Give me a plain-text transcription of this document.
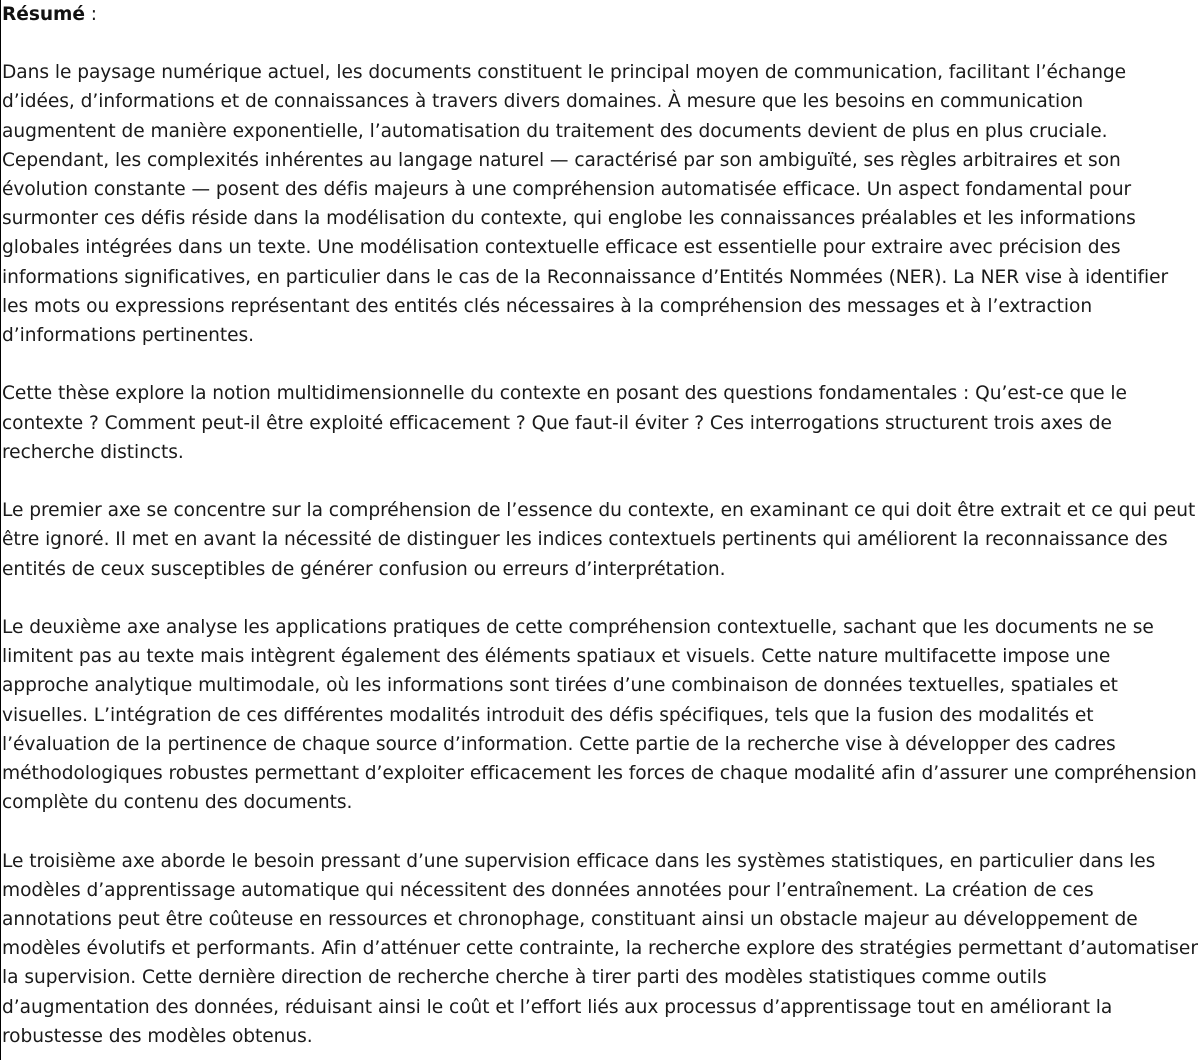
Résumé :

Dans le paysage numérique actuel, les documents constituent le principal moyen de communication, facilitant l’échange d’idées, d’informations et de connaissances à travers divers domaines. À mesure que les besoins en communication augmentent de manière exponentielle, l’automatisation du traitement des documents devient de plus en plus cruciale. Cependant, les complexités inhérentes au langage naturel — caractérisé par son ambiguïté, ses règles arbitraires et son évolution constante — posent des défis majeurs à une compréhension automatisée efficace. Un aspect fondamental pour surmonter ces défis réside dans la modélisation du contexte, qui englobe les connaissances préalables et les informations globales intégrées dans un texte. Une modélisation contextuelle efficace est essentielle pour extraire avec précision des informations significatives, en particulier dans le cas de la Reconnaissance d’Entités Nommées (NER). La NER vise à identifier les mots ou expressions représentant des entités clés nécessaires à la compréhension des messages et à l’extraction d’informations pertinentes.

Cette thèse explore la notion multidimensionnelle du contexte en posant des questions fondamentales : Qu’est-ce que le contexte ? Comment peut-il être exploité efficacement ? Que faut-il éviter ? Ces interrogations structurent trois axes de recherche distincts.

Le premier axe se concentre sur la compréhension de l’essence du contexte, en examinant ce qui doit être extrait et ce qui peut être ignoré. Il met en avant la nécessité de distinguer les indices contextuels pertinents qui améliorent la reconnaissance des entités de ceux susceptibles de générer confusion ou erreurs d’interprétation.

Le deuxième axe analyse les applications pratiques de cette compréhension contextuelle, sachant que les documents ne se limitent pas au texte mais intègrent également des éléments spatiaux et visuels. Cette nature multifacette impose une approche analytique multimodale, où les informations sont tirées d’une combinaison de données textuelles, spatiales et visuelles. L’intégration de ces différentes modalités introduit des défis spécifiques, tels que la fusion des modalités et l’évaluation de la pertinence de chaque source d’information. Cette partie de la recherche vise à développer des cadres méthodologiques robustes permettant d’exploiter efficacement les forces de chaque modalité afin d’assurer une compréhension complète du contenu des documents.

Le troisième axe aborde le besoin pressant d’une supervision efficace dans les systèmes statistiques, en particulier dans les modèles d’apprentissage automatique qui nécessitent des données annotées pour l’entraînement. La création de ces annotations peut être coûteuse en ressources et chronophage, constituant ainsi un obstacle majeur au développement de modèles évolutifs et performants. Afin d’atténuer cette contrainte, la recherche explore des stratégies permettant d’automatiser la supervision. Cette dernière direction de recherche cherche à tirer parti des modèles statistiques comme outils d’augmentation des données, réduisant ainsi le coût et l’effort liés aux processus d’apprentissage tout en améliorant la robustesse des modèles obtenus.
